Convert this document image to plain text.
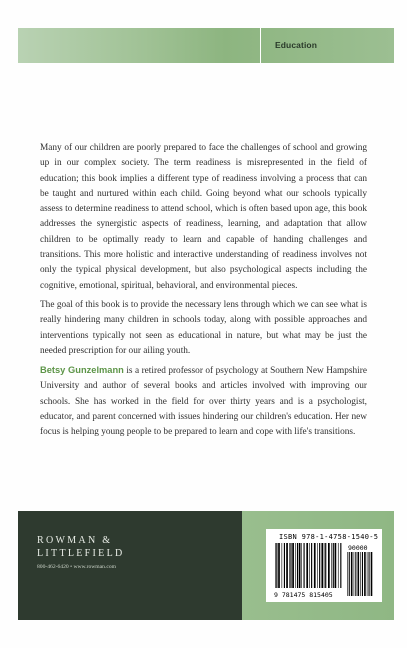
Education

Many of our children are poorly prepared to face the challenges of school and growing up in our complex society. The term readiness is misrepresented in the field of education; this book implies a different type of readiness involving a process that can be taught and nurtured within each child. Going beyond what our schools typically assess to determine readiness to attend school, which is often based upon age, this book addresses the synergistic aspects of readiness, learning, and adaptation that allow children to be optimally ready to learn and capable of handing challenges and transitions. This more holistic and interactive understanding of readiness involves not only the typical physical development, but also psychological aspects including the cognitive, emotional, spiritual, behavioral, and environmental pieces.

The goal of this book is to provide the necessary lens through which we can see what is really hindering many children in schools today, along with possible approaches and interventions typically not seen as educational in nature, but what may be just the needed prescription for our ailing youth.

Betsy Gunzelmann is a retired professor of psychology at Southern New Hampshire University and author of several books and articles involved with improving our schools. She has worked in the field for over thirty years and is a psychologist, educator, and parent concerned with issues hindering our children's education. Her new focus is helping young people to be prepared to learn and cope with life's transitions.

ROWMAN &
LITTLEFIELD
800-462-6420 • www.rowman.com
ISBN 978-1-4758-1540-5
9 781475 815405
90000
